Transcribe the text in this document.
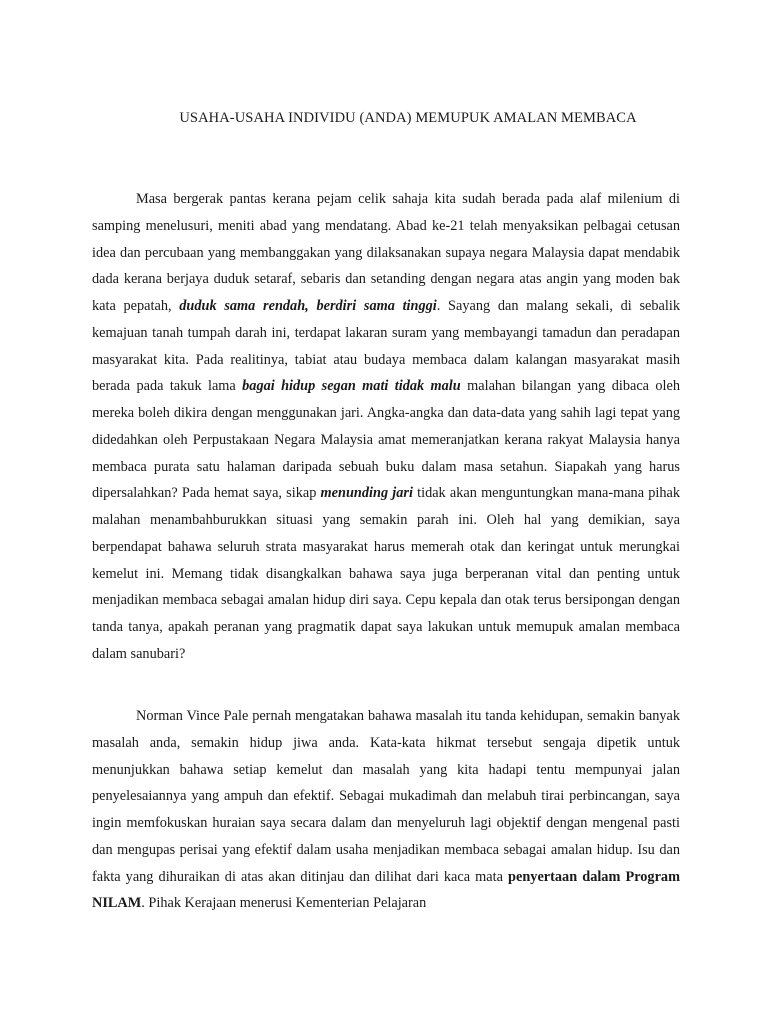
USAHA-USAHA INDIVIDU (ANDA) MEMUPUK AMALAN MEMBACA

Masa bergerak pantas kerana pejam celik sahaja kita sudah berada pada alaf milenium di samping menelusuri, meniti abad yang mendatang. Abad ke-21 telah menyaksikan pelbagai cetusan idea dan percubaan yang membanggakan yang dilaksanakan supaya negara Malaysia dapat mendabik dada kerana berjaya duduk setaraf, sebaris dan setanding dengan negara atas angin yang moden bak kata pepatah, duduk sama rendah, berdiri sama tinggi. Sayang dan malang sekali, di sebalik kemajuan tanah tumpah darah ini, terdapat lakaran suram yang membayangi tamadun dan peradapan masyarakat kita. Pada realitinya, tabiat atau budaya membaca dalam kalangan masyarakat masih berada pada takuk lama bagai hidup segan mati tidak malu malahan bilangan yang dibaca oleh mereka boleh dikira dengan menggunakan jari. Angka-angka dan data-data yang sahih lagi tepat yang didedahkan oleh Perpustakaan Negara Malaysia amat memeranjatkan kerana rakyat Malaysia hanya membaca purata satu halaman daripada sebuah buku dalam masa setahun. Siapakah yang harus dipersalahkan? Pada hemat saya, sikap menunding jari tidak akan menguntungkan mana-mana pihak malahan menambahburukkan situasi yang semakin parah ini. Oleh hal yang demikian, saya berpendapat bahawa seluruh strata masyarakat harus memerah otak dan keringat untuk merungkai kemelut ini. Memang tidak disangkalkan bahawa saya juga berperanan vital dan penting untuk menjadikan membaca sebagai amalan hidup diri saya. Cepu kepala dan otak terus bersipongan dengan tanda tanya, apakah peranan yang pragmatik dapat saya lakukan untuk memupuk amalan membaca dalam sanubari?

Norman Vince Pale pernah mengatakan bahawa masalah itu tanda kehidupan, semakin banyak masalah anda, semakin hidup jiwa anda. Kata-kata hikmat tersebut sengaja dipetik untuk menunjukkan bahawa setiap kemelut dan masalah yang kita hadapi tentu mempunyai jalan penyelesaiannya yang ampuh dan efektif. Sebagai mukadimah dan melabuh tirai perbincangan, saya ingin memfokuskan huraian saya secara dalam dan menyeluruh lagi objektif dengan mengenal pasti dan mengupas perisai yang efektif dalam usaha menjadikan membaca sebagai amalan hidup. Isu dan fakta yang dihuraikan di atas akan ditinjau dan dilihat dari kaca mata penyertaan dalam Program NILAM. Pihak Kerajaan menerusi Kementerian Pelajaran
